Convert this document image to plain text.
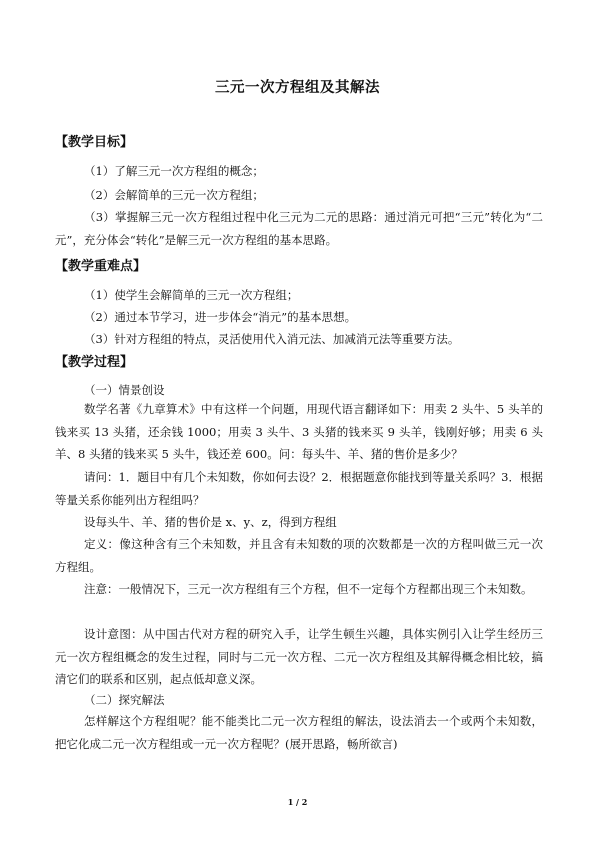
三元一次方程组及其解法
【教学目标】
（1）了解三元一次方程组的概念；
（2）会解简单的三元一次方程组；
（3）掌握解三元一次方程组过程中化三元为二元的思路：通过消元可把“三元”转化为“二元”，充分体会“转化”是解三元一次方程组的基本思路。
【教学重难点】
（1）使学生会解简单的三元一次方程组；
（2）通过本节学习，进一步体会“消元”的基本思想。
（3）针对方程组的特点，灵活使用代入消元法、加减消元法等重要方法。
【教学过程】
（一）情景创设
数学名著《九章算术》中有这样一个问题，用现代语言翻译如下：用卖 2 头牛、5 头羊的钱来买 13 头猪，还余钱 1000；用卖 3 头牛、3 头猪的钱来买 9 头羊，钱刚好够；用卖 6 头羊、8 头猪的钱来买 5 头牛，钱还差 600。问：每头牛、羊、猪的售价是多少？
请问：1．题目中有几个未知数，你如何去设？2．根据题意你能找到等量关系吗？3．根据等量关系你能列出方程组吗？
设每头牛、羊、猪的售价是 x、y、z，得到方程组
定义：像这种含有三个未知数，并且含有未知数的项的次数都是一次的方程叫做三元一次方程组。
注意：一般情况下，三元一次方程组有三个方程，但不一定每个方程都出现三个未知数。
设计意图：从中国古代对方程的研究入手，让学生顿生兴趣，具体实例引入让学生经历三元一次方程组概念的发生过程，同时与二元一次方程、二元一次方程组及其解得概念相比较，搞清它们的联系和区别，起点低却意义深。
（二）探究解法
怎样解这个方程组呢？能不能类比二元一次方程组的解法，设法消去一个或两个未知数，把它化成二元一次方程组或一元一次方程呢？(展开思路，畅所欲言)
1 / 2
